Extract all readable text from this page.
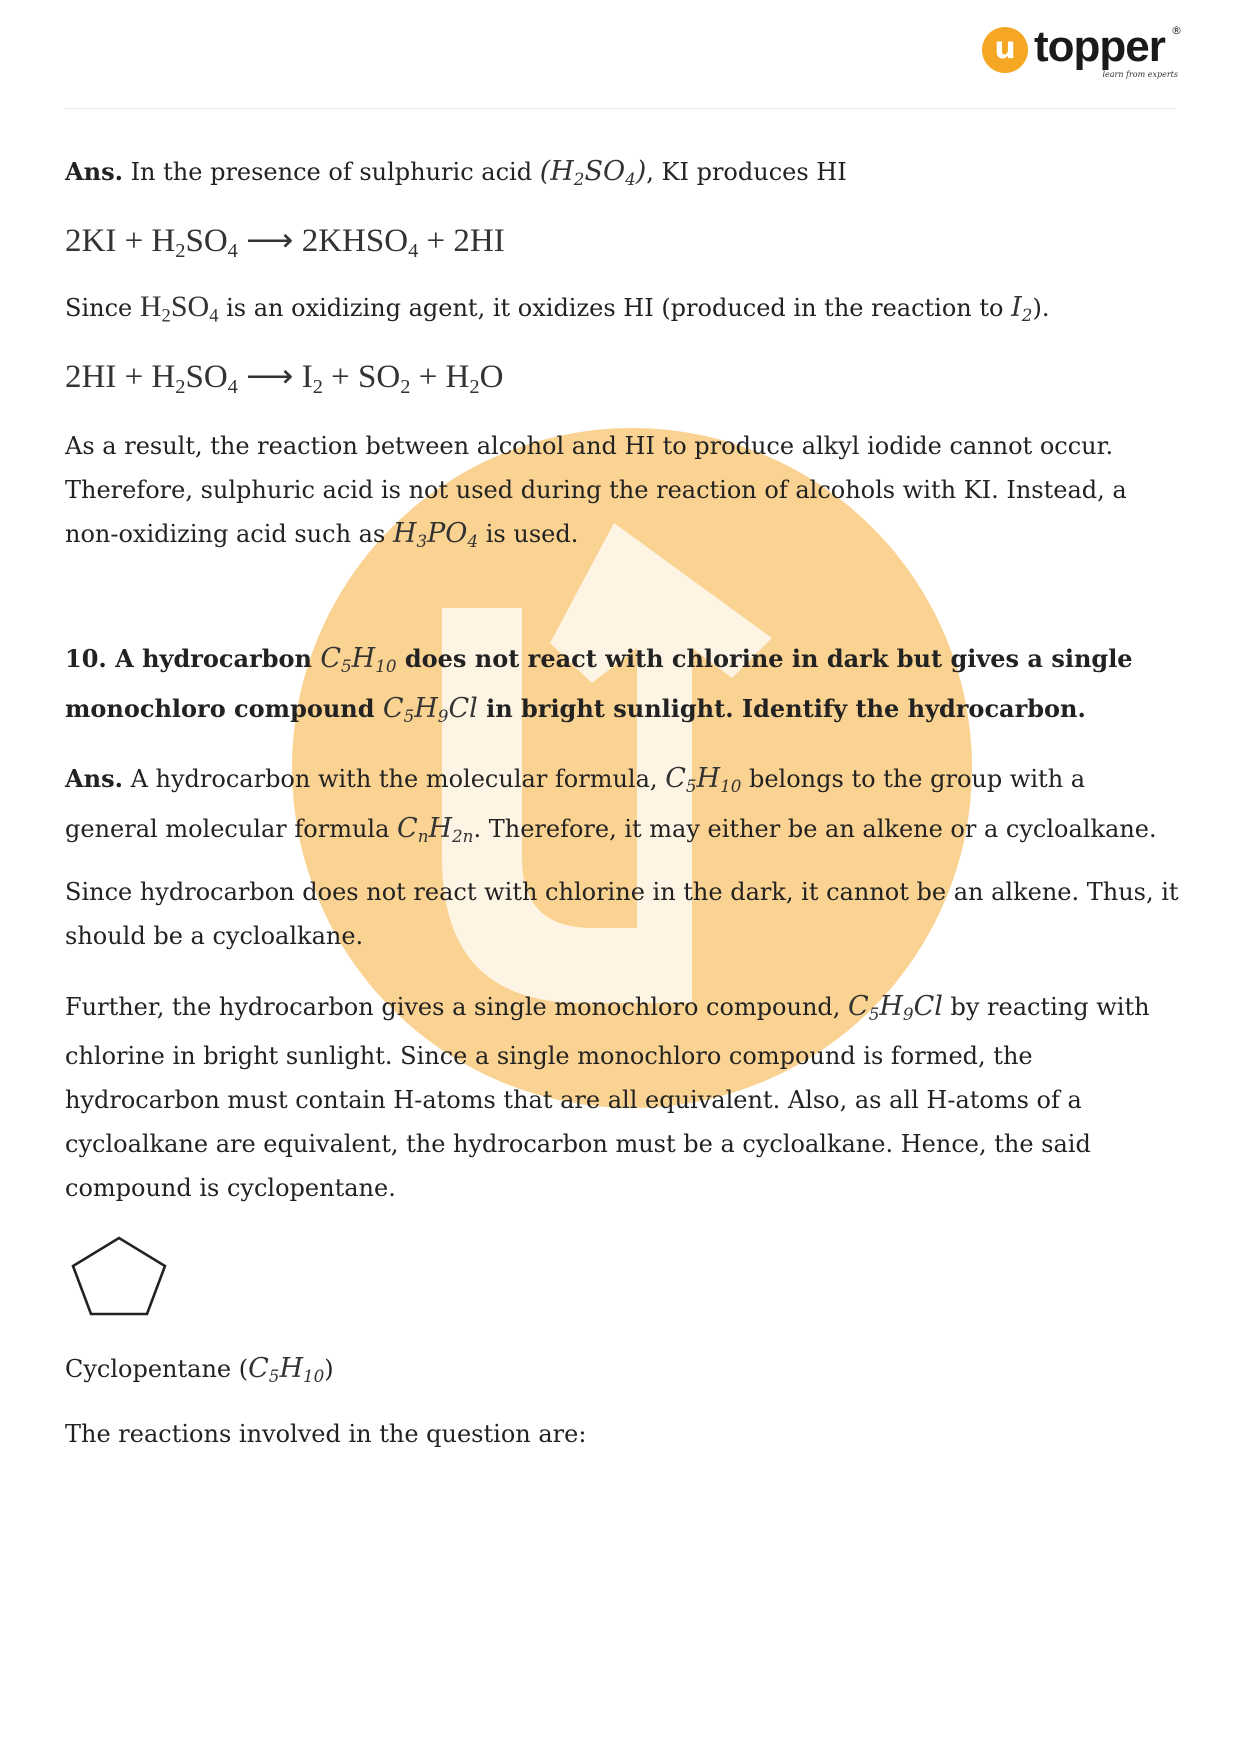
u topper ®
learn from experts

Ans. In the presence of sulphuric acid $(H_2SO_4)$, KI produces HI

$2KI + H_2SO_4$ ⟶ $2KHSO_4 + 2HI$

Since $H_2SO_4$ is an oxidizing agent, it oxidizes HI (produced in the reaction to $I_2$).

$2HI + H_2SO_4$ ⟶ $I_2 + SO_2 + H_2O$

As a result, the reaction between alcohol and HI to produce alkyl iodide cannot occur. Therefore, sulphuric acid is not used during the reaction of alcohols with KI. Instead, a non-oxidizing acid such as $H_3PO_4$ is used.

10. A hydrocarbon $C_5H_{10}$ does not react with chlorine in dark but gives a single monochloro compound $C_5H_9Cl$ in bright sunlight. Identify the hydrocarbon.

Ans. A hydrocarbon with the molecular formula, $C_5H_{10}$ belongs to the group with a general molecular formula $C_nH_{2n}$. Therefore, it may either be an alkene or a cycloalkane.

Since hydrocarbon does not react with chlorine in the dark, it cannot be an alkene. Thus, it should be a cycloalkane.

Further, the hydrocarbon gives a single monochloro compound, $C_5H_9Cl$ by reacting with
chlorine in bright sunlight. Since a single monochloro compound is formed, the hydrocarbon must contain H-atoms that are all equivalent. Also, as all H-atoms of a cycloalkane are equivalent, the hydrocarbon must be a cycloalkane. Hence, the said compound is cyclopentane.

Cyclopentane $(C_5H_{10})$

The reactions involved in the question are:
